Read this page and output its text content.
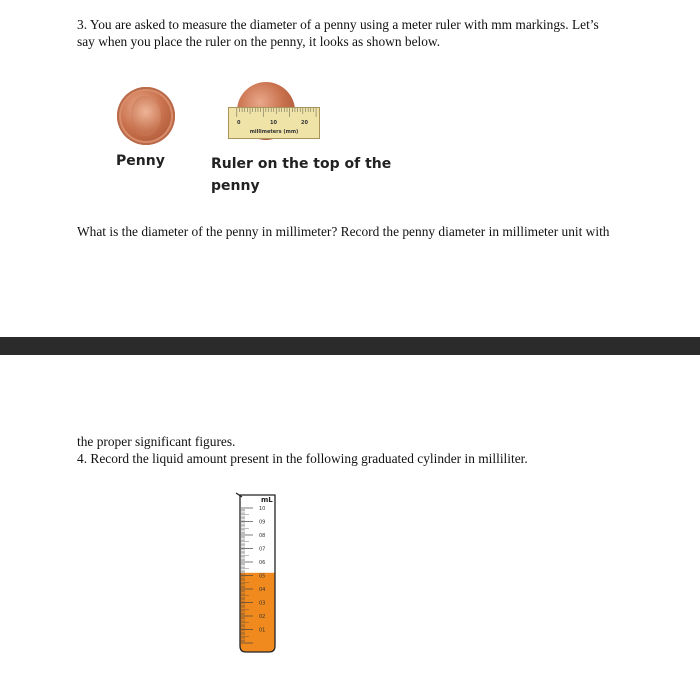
3. You are asked to measure the diameter of a penny using a meter ruler with mm markings. Let’s
say when you place the ruler on the penny, it looks as shown below.
Penny
0	10	20
millimeters (mm)
Ruler on the top of the
penny
What is the diameter of the penny in millimeter? Record the penny diameter in millimeter unit with
the proper significant figures.
4. Record the liquid amount present in the following graduated cylinder in milliliter.
mL
10
09
08
07
06
05
04
03
02
01
